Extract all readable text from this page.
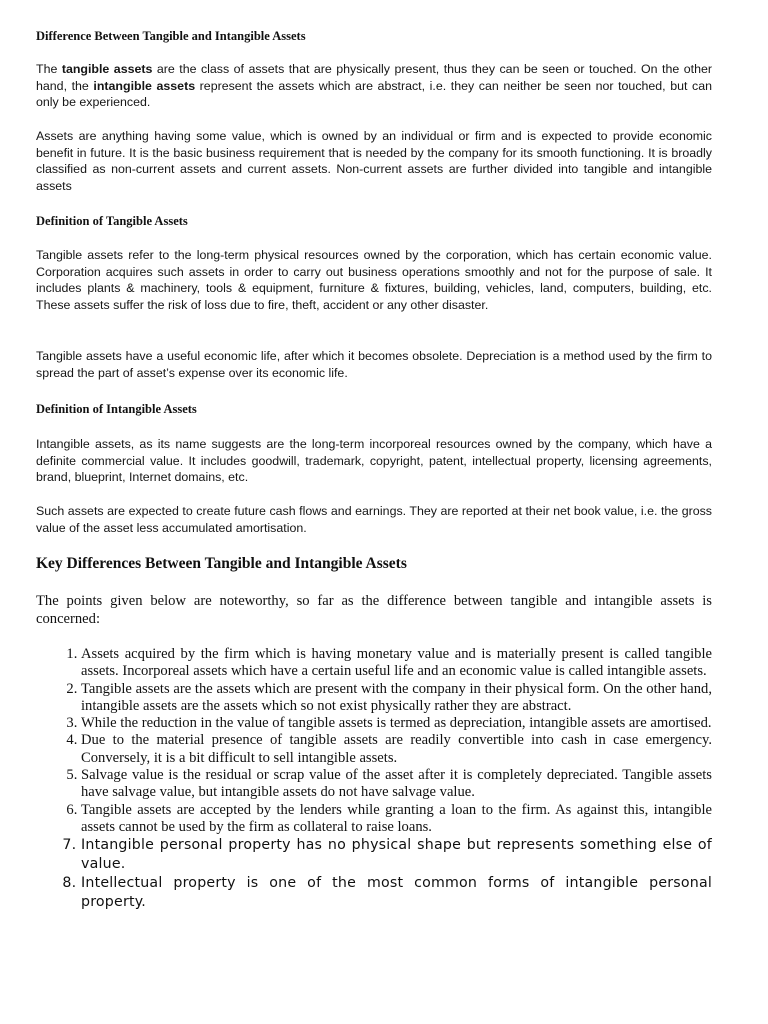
Difference Between Tangible and Intangible Assets

The tangible assets are the class of assets that are physically present, thus they can be seen or touched. On the other hand, the intangible assets represent the assets which are abstract, i.e. they can neither be seen nor touched, but can only be experienced.

Assets are anything having some value, which is owned by an individual or firm and is expected to provide economic benefit in future. It is the basic business requirement that is needed by the company for its smooth functioning. It is broadly classified as non-current assets and current assets. Non-current assets are further divided into tangible and intangible assets

Definition of Tangible Assets

Tangible assets refer to the long-term physical resources owned by the corporation, which has certain economic value. Corporation acquires such assets in order to carry out business operations smoothly and not for the purpose of sale. It includes plants & machinery, tools & equipment, furniture & fixtures, building, vehicles, land, computers, building, etc. These assets suffer the risk of loss due to fire, theft, accident or any other disaster.

Tangible assets have a useful economic life, after which it becomes obsolete. Depreciation is a method used by the firm to spread the part of asset’s expense over its economic life.

Definition of Intangible Assets

Intangible assets, as its name suggests are the long-term incorporeal resources owned by the company, which have a definite commercial value. It includes goodwill, trademark, copyright, patent, intellectual property, licensing agreements, brand, blueprint, Internet domains, etc.

Such assets are expected to create future cash flows and earnings. They are reported at their net book value, i.e. the gross value of the asset less accumulated amortisation.

Key Differences Between Tangible and Intangible Assets

The points given below are noteworthy, so far as the difference between tangible and intangible assets is concerned:

1. Assets acquired by the firm which is having monetary value and is materially present is called tangible assets. Incorporeal assets which have a certain useful life and an economic value is called intangible assets.
2. Tangible assets are the assets which are present with the company in their physical form. On the other hand, intangible assets are the assets which so not exist physically rather they are abstract.
3. While the reduction in the value of tangible assets is termed as depreciation, intangible assets are amortised.
4. Due to the material presence of tangible assets are readily convertible into cash in case emergency. Conversely, it is a bit difficult to sell intangible assets.
5. Salvage value is the residual or scrap value of the asset after it is completely depreciated. Tangible assets have salvage value, but intangible assets do not have salvage value.
6. Tangible assets are accepted by the lenders while granting a loan to the firm. As against this, intangible assets cannot be used by the firm as collateral to raise loans.
7. Intangible personal property has no physical shape but represents something else of value.
8. Intellectual property is one of the most common forms of intangible personal property.
